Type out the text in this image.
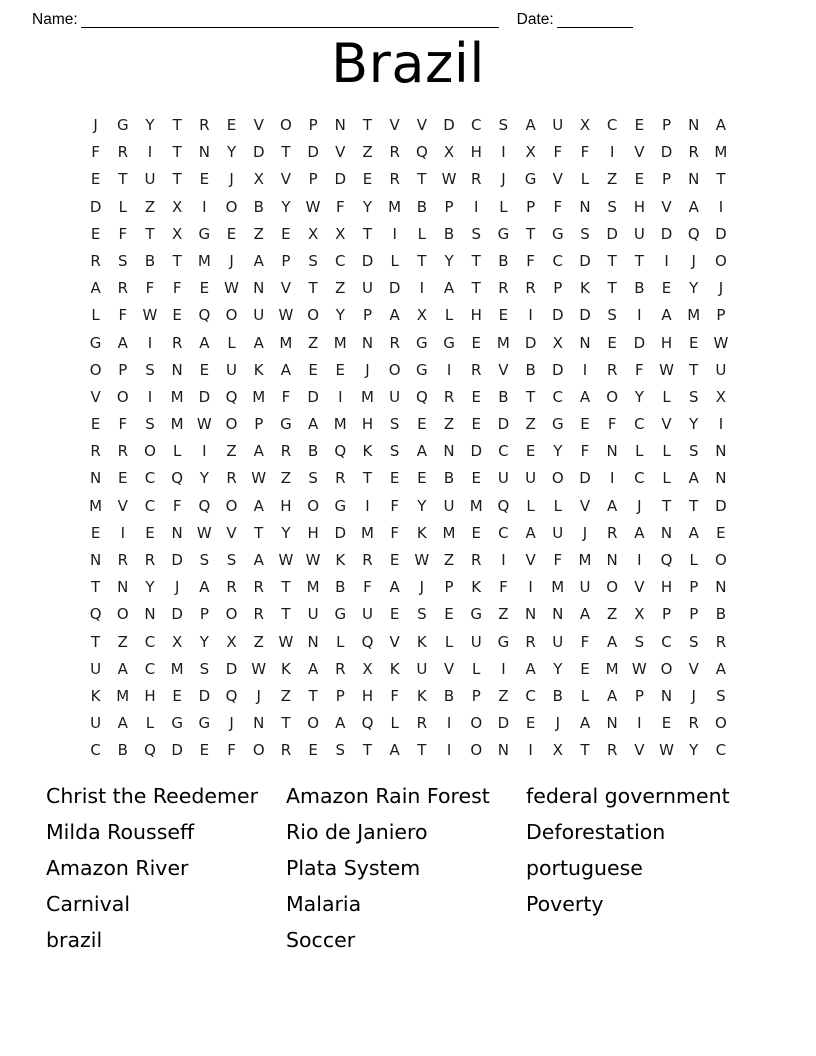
Name:	Date:
Brazil
J	G	Y	T	R	E	V	O	P	N	T	V	V	D	C	S	A	U	X	C	E	P	N	A
F	R	I	T	N	Y	D	T	D	V	Z	R	Q	X	H	I	X	F	F	I	V	D	R	M
E	T	U	T	E	J	X	V	P	D	E	R	T	W R	J	G	V	L	Z	E	P	N	T
D	L	Z	X	I	O	B	Y	W	F	Y	M	B	P	I	L	P	F	N	S	H	V	A	I
E	F	T	X	G	E	Z	E	X	X	T	I	L	B	S	G	T	G	S	D	U	D	Q	D
R	S	B	T	M	J	A	P	S	C	D	L	T	Y	T	B	F	C	D	T	T	I	J	O
A	R	F	F	E	W N	V	T	Z	U	D	I	A	T	R	R	P	K	T	B	E	Y	J
L	F	W	E	Q	O	U W O	Y	P	A	X	L	H	E	I	D	D	S	I	A	M	P
G	A	I	R	A	L	A	M	Z	M	N	R	G	G	E	M D	X	N	E	D	H	E	W
O	P	S	N	E	U	K	A	E	E	J	O	G	I	R	V	B	D	I	R	F	W	T	U
V	O	I	M D	Q M	F	D	I	M	U	Q	R	E	B	T	C	A	O	Y	L	S	X
E	F	S	M W O	P	G	A	M	H	S	E	Z	E	D	Z	G	E	F	C	V	Y	I
R	R	O	L	I	Z	A	R	B	Q	K	S	A	N	D	C	E	Y	F	N	L	L	S	N
N	E	C	Q	Y	R W Z	S	R	T	E	E	B	E	U	U	O	D	I	C	L	A	N
M	V	C	F	Q	O	A	H	O	G	I	F	Y	U	M Q	L	L	V	A	J	T	T	D
E	I	E	N W V	T	Y	H	D M	F	K	M	E	C	A	U	J	R	A	N	A	E
N	R	R	D	S	S	A W W K	R	E	W Z	R	I	V	F	M	N	I	Q	L	O
T	N	Y	J	A	R	R	T	M	B	F	A	J	P	K	F	I	M	U	O	V	H	P	N
Q	O	N	D	P	O	R	T	U	G	U	E	S	E	G	Z	N	N	A	Z	X	P	P	B
T	Z	C	X	Y	X	Z W N	L	Q	V	K	L	U	G	R	U	F	A	S	C	S	R
U	A	C	M	S	D W K	A	R	X	K	U	V	L	I	A	Y	E	M W O	V	A
K	M	H	E	D	Q	J	Z	T	P	H	F	K	B	P	Z	C	B	L	A	P	N	J	S
U	A	L	G	G	J	N	T	O	A	Q	L	R	I	O	D	E	J	A	N	I	E	R	O
C	B	Q	D	E	F	O	R	E	S	T	A	T	I	O	N	I	X	T	R	V W	Y	C
Christ the Reedemer	Amazon Rain Forest	federal government
Milda Rousseff	Rio de Janiero	Deforestation
Amazon River	Plata System	portuguese
Carnival	Malaria	Poverty
brazil	Soccer
